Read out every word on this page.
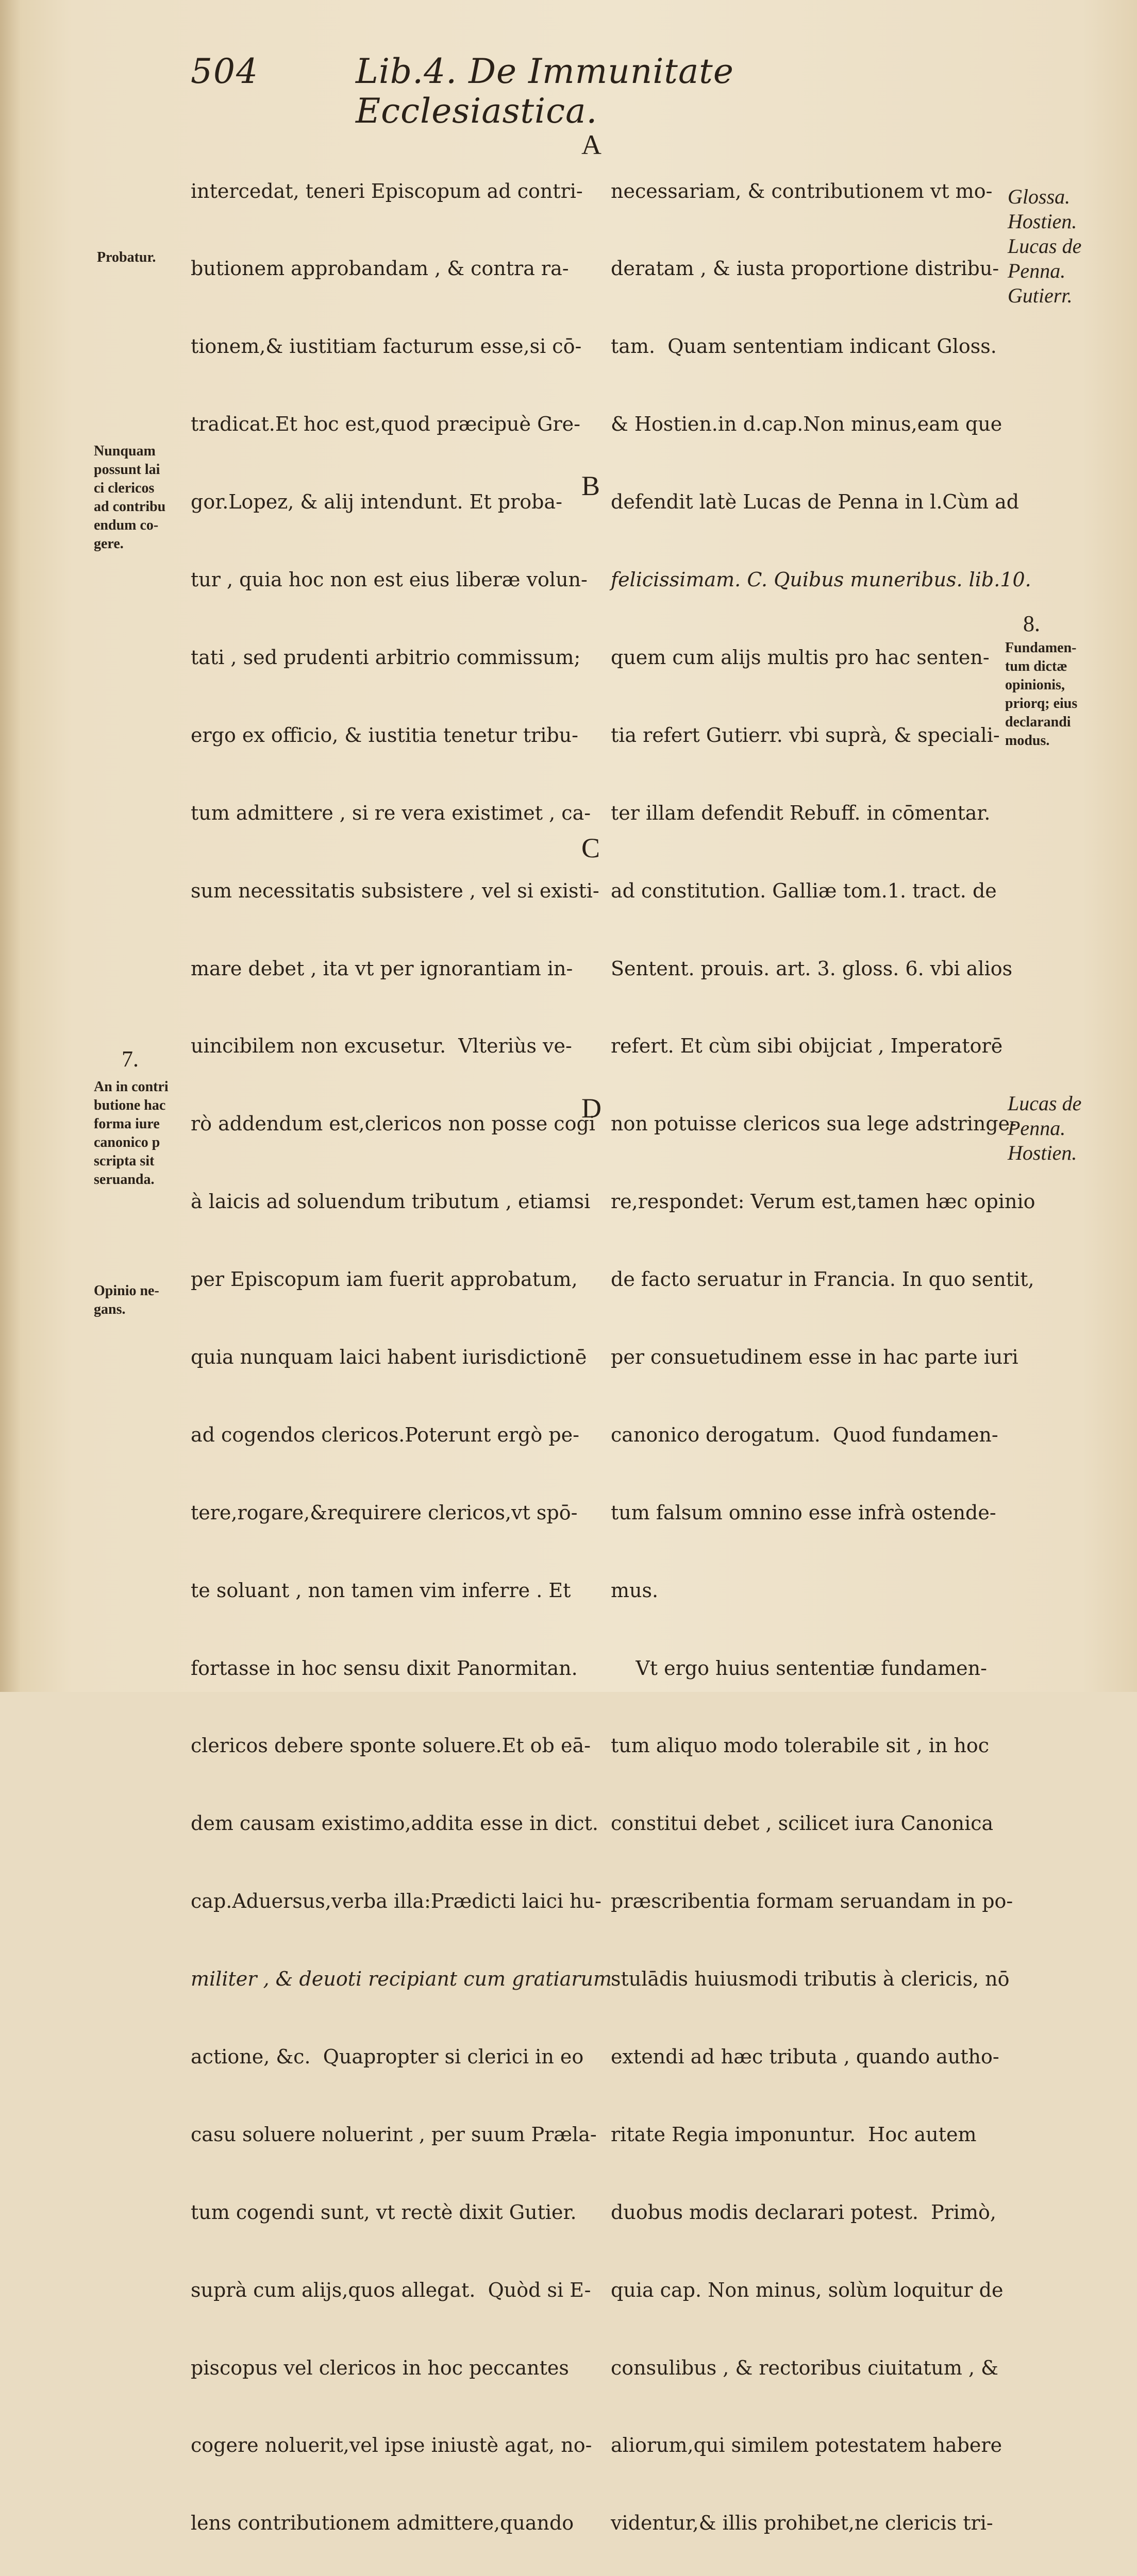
504	Lib.4. De Immunitate Ecclesiastica.
Probatur.
Nunquam
possunt lai
ci clericos
ad contribu
endum co-
gere.
7.
An in contri
butione hac
forma iure
canonico p
scripta sit
seruanda.
Opinio ne-
gans.

intercedat, teneri Episcopum ad contri-

butionem approbandam , & contra ra-

tionem,& iustitiam facturum esse,si cō-

tradicat.Et hoc est,quod præcipuè Gre-

gor.Lopez, & alij intendunt. Et proba-

tur , quia hoc non est eius liberæ volun-

tati , sed prudenti arbitrio commissum;

ergo ex officio, & iustitia tenetur tribu-

tum admittere , si re vera existimet , ca-

sum necessitatis subsistere , vel si existi-

mare debet , ita vt per ignorantiam in-

uincibilem non excusetur.  Vlteriùs ve-

rò addendum est,clericos non posse cogi

à laicis ad soluendum tributum , etiamsi

per Episcopum iam fuerit approbatum,

quia nunquam laici habent iurisdictionē

ad cogendos clericos.Poterunt ergò pe-

tere,rogare,&requirere clericos,vt spō-

te soluant , non tamen vim inferre . Et

fortasse in hoc sensu dixit Panormitan.

clericos debere sponte soluere.Et ob eā-

dem causam existimo,addita esse in dict.

cap.Aduersus,verba illa:Prædicti laici hu-

militer , & deuoti recipiant cum gratiarum

actione, &c.  Quapropter si clerici in eo

casu soluere noluerint , per suum Præla-

tum cogendi sunt, vt rectè dixit Gutier.

suprà cum alijs,quos allegat.  Quòd si E-

piscopus vel clericos in hoc peccantes

cogere noluerit,vel ipse iniustè agat, no-

lens contributionem admittere,quando

A
B
C
D

necessariam, & contributionem vt mo-

deratam , & iusta proportione distribu-

tam.  Quam sententiam indicant Gloss.

& Hostien.in d.cap.Non minus,eam que

defendit latè Lucas de Penna in l.Cùm ad

felicissimam. C. Quibus muneribus. lib.10.

quem cum alijs multis pro hac senten-

tia refert Gutierr. vbi suprà, & speciali-

ter illam defendit Rebuff. in cōmentar.

ad constitution. Galliæ tom.1. tract. de

Sentent. prouis. art. 3. gloss. 6. vbi alios

refert. Et cùm sibi obijciat , Imperatorē

non potuisse clericos sua lege adstringe-

re,respondet: Verum est,tamen hæc opinio

de facto seruatur in Francia. In quo sentit,

per consuetudinem esse in hac parte iuri

canonico derogatum.  Quod fundamen-

tum falsum omnino esse infrà ostende-

mus.

Vt ergo huius sententiæ fundamen-

tum aliquo modo tolerabile sit , in hoc

constitui debet , scilicet iura Canonica

præscribentia formam seruandam in po-

stulādis huiusmodi tributis à clericis, nō

extendi ad hæc tributa , quando autho-

ritate Regia imponuntur.  Hoc autem

duobus modis declarari potest.  Primò,

quia cap. Non minus, solùm loquitur de

consulibus , & rectoribus ciuitatum , &

aliorum,qui similem potestatem habere

videntur,& illis prohibet,ne clericis tri-

Glossa.
Hostien.
Lucas de
Penna.
Gutierr.
8.
Fundamen-
tum dictæ
opinionis,
priorq; eius
declarandi
modus.
Lucas de
Penna.
Hostien.
